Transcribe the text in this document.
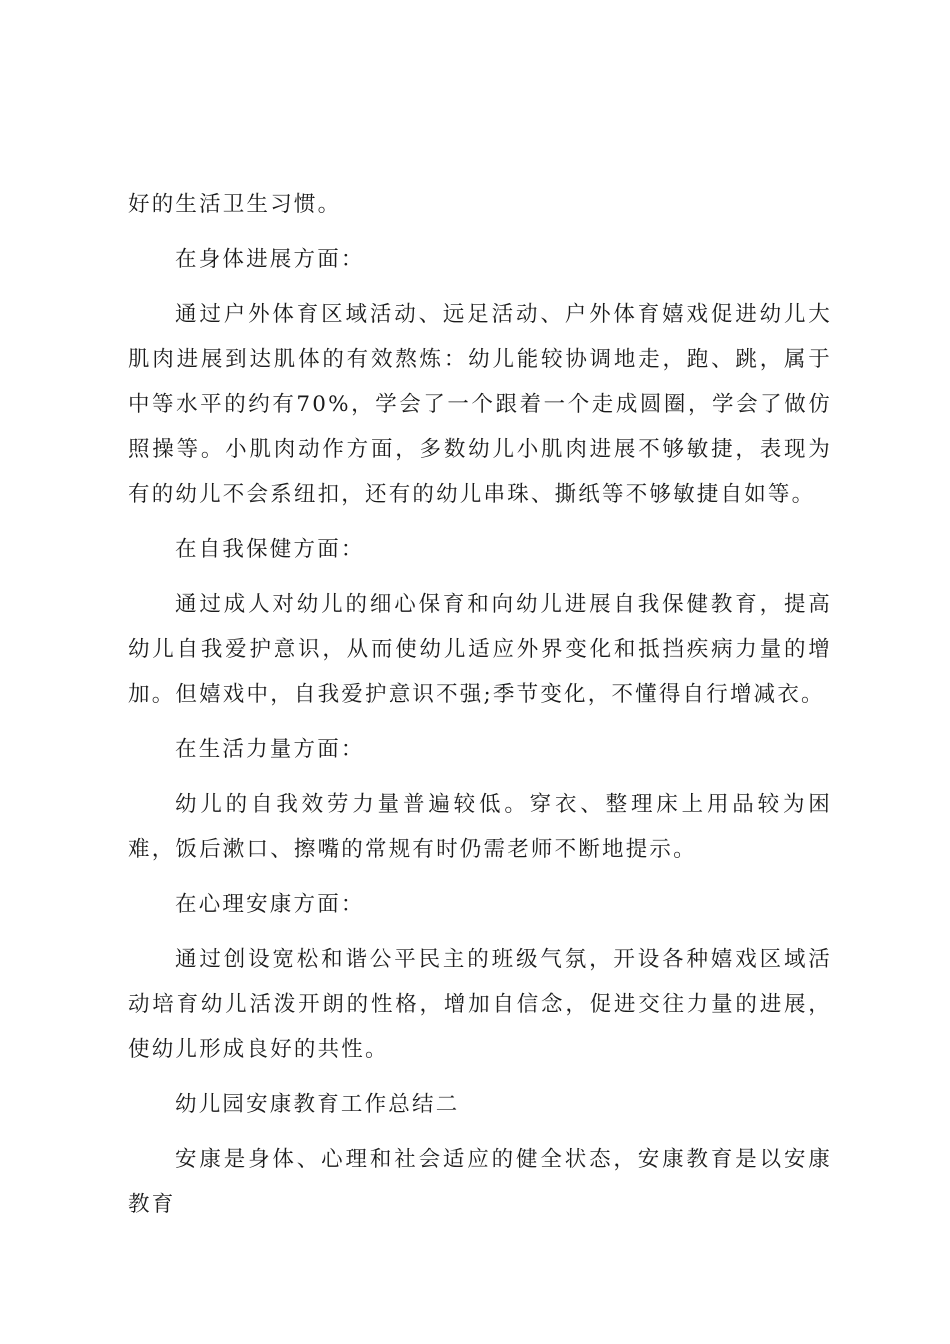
好的生活卫生习惯。

在身体进展方面：

通过户外体育区域活动、远足活动、户外体育嬉戏促进幼儿大肌肉进展到达肌体的有效熬炼：幼儿能较协调地走，跑、跳，属于中等水平的约有70%，学会了一个跟着一个走成圆圈，学会了做仿照操等。小肌肉动作方面，多数幼儿小肌肉进展不够敏捷，表现为有的幼儿不会系纽扣，还有的幼儿串珠、撕纸等不够敏捷自如等。

在自我保健方面：

通过成人对幼儿的细心保育和向幼儿进展自我保健教育，提高幼儿自我爱护意识，从而使幼儿适应外界变化和抵挡疾病力量的增加。但嬉戏中，自我爱护意识不强;季节变化，不懂得自行增减衣。

在生活力量方面：

幼儿的自我效劳力量普遍较低。穿衣、整理床上用品较为困难，饭后漱口、擦嘴的常规有时仍需老师不断地提示。

在心理安康方面：

通过创设宽松和谐公平民主的班级气氛，开设各种嬉戏区域活动培育幼儿活泼开朗的性格，增加自信念，促进交往力量的进展，使幼儿形成良好的共性。

幼儿园安康教育工作总结二

安康是身体、心理和社会适应的健全状态，安康教育是以安康教育
